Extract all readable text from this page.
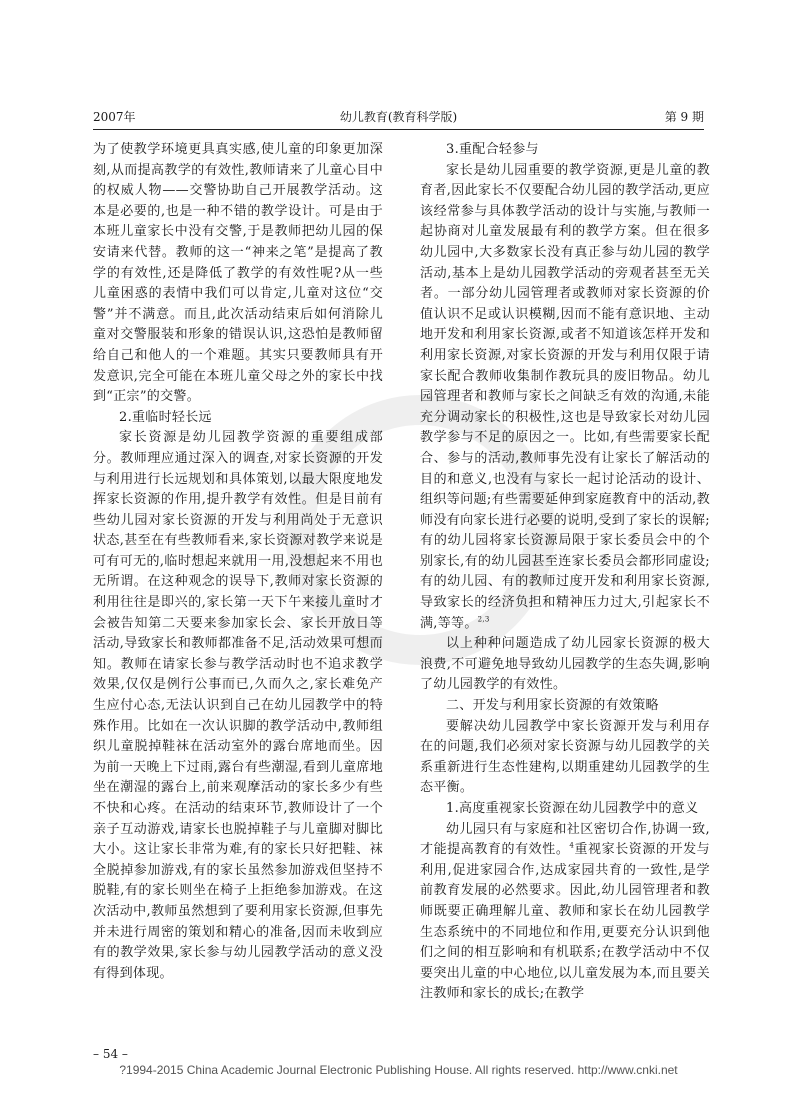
2007年	幼儿教育(教育科学版)	第 9 期

为了使教学环境更具真实感,使儿童的印象更加深刻,从而提高教学的有效性,教师请来了儿童心目中的权威人物——交警协助自己开展教学活动。这本是必要的,也是一种不错的教学设计。可是由于本班儿童家长中没有交警,于是教师把幼儿园的保安请来代替。教师的这一“神来之笔”是提高了教学的有效性,还是降低了教学的有效性呢?从一些儿童困惑的表情中我们可以肯定,儿童对这位“交警”并不满意。而且,此次活动结束后如何消除儿童对交警服装和形象的错误认识,这恐怕是教师留给自己和他人的一个难题。其实只要教师具有开发意识,完全可能在本班儿童父母之外的家长中找到“正宗”的交警。

2.重临时轻长远

家长资源是幼儿园教学资源的重要组成部分。教师理应通过深入的调查,对家长资源的开发与利用进行长远规划和具体策划,以最大限度地发挥家长资源的作用,提升教学有效性。但是目前有些幼儿园对家长资源的开发与利用尚处于无意识状态,甚至在有些教师看来,家长资源对教学来说是可有可无的,临时想起来就用一用,没想起来不用也无所谓。在这种观念的误导下,教师对家长资源的利用往往是即兴的,家长第一天下午来接儿童时才会被告知第二天要来参加家长会、家长开放日等活动,导致家长和教师都准备不足,活动效果可想而知。教师在请家长参与教学活动时也不追求教学效果,仅仅是例行公事而已,久而久之,家长难免产生应付心态,无法认识到自己在幼儿园教学中的特殊作用。比如在一次认识脚的教学活动中,教师组织儿童脱掉鞋袜在活动室外的露台席地而坐。因为前一天晚上下过雨,露台有些潮湿,看到儿童席地坐在潮湿的露台上,前来观摩活动的家长多少有些不快和心疼。在活动的结束环节,教师设计了一个亲子互动游戏,请家长也脱掉鞋子与儿童脚对脚比大小。这让家长非常为难,有的家长只好把鞋、袜全脱掉参加游戏,有的家长虽然参加游戏但坚持不脱鞋,有的家长则坐在椅子上拒绝参加游戏。在这次活动中,教师虽然想到了要利用家长资源,但事先并未进行周密的策划和精心的准备,因而未收到应有的教学效果,家长参与幼儿园教学活动的意义没有得到体现。

3.重配合轻参与

家长是幼儿园重要的教学资源,更是儿童的教育者,因此家长不仅要配合幼儿园的教学活动,更应该经常参与具体教学活动的设计与实施,与教师一起协商对儿童发展最有利的教学方案。但在很多幼儿园中,大多数家长没有真正参与幼儿园的教学活动,基本上是幼儿园教学活动的旁观者甚至无关者。一部分幼儿园管理者或教师对家长资源的价值认识不足或认识模糊,因而不能有意识地、主动地开发和利用家长资源,或者不知道该怎样开发和利用家长资源,对家长资源的开发与利用仅限于请家长配合教师收集制作教玩具的废旧物品。幼儿园管理者和教师与家长之间缺乏有效的沟通,未能充分调动家长的积极性,这也是导致家长对幼儿园教学参与不足的原因之一。比如,有些需要家长配合、参与的活动,教师事先没有让家长了解活动的目的和意义,也没有与家长一起讨论活动的设计、组织等问题;有些需要延伸到家庭教育中的活动,教师没有向家长进行必要的说明,受到了家长的误解;有的幼儿园将家长资源局限于家长委员会中的个别家长,有的幼儿园甚至连家长委员会都形同虚设;有的幼儿园、有的教师过度开发和利用家长资源,导致家长的经济负担和精神压力过大,引起家长不满,等等。$^{2,3}$

以上种种问题造成了幼儿园家长资源的极大浪费,不可避免地导致幼儿园教学的生态失调,影响了幼儿园教学的有效性。

二、开发与利用家长资源的有效策略

要解决幼儿园教学中家长资源开发与利用存在的问题,我们必须对家长资源与幼儿园教学的关系重新进行生态性建构,以期重建幼儿园教学的生态平衡。

1.高度重视家长资源在幼儿园教学中的意义

幼儿园只有与家庭和社区密切合作,协调一致,才能提高教育的有效性。$^4$重视家长资源的开发与利用,促进家园合作,达成家园共育的一致性,是学前教育发展的必然要求。因此,幼儿园管理者和教师既要正确理解儿童、教师和家长在幼儿园教学生态系统中的不同地位和作用,更要充分认识到他们之间的相互影响和有机联系;在教学活动中不仅要突出儿童的中心地位,以儿童发展为本,而且要关注教师和家长的成长;在教学

– 54 –
?1994-2015 China Academic Journal Electronic Publishing House. All rights reserved. http://www.cnki.net
